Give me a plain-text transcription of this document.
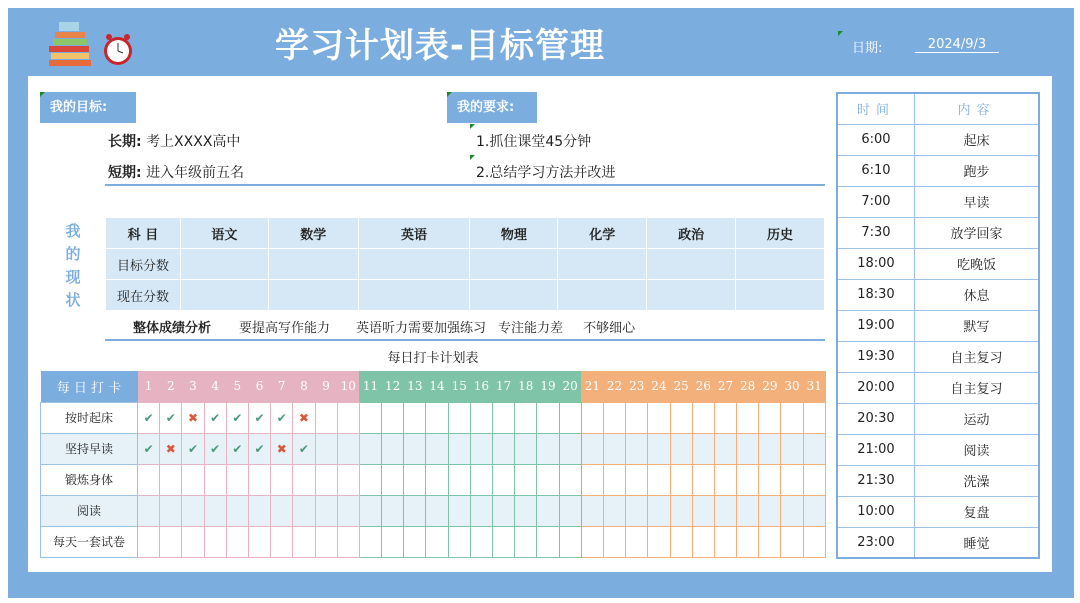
学习计划表-目标管理	日期:	2024/9/3
我的目标:
长期: 考上XXXX高中
短期: 进入年级前五名
我的要求:
1.抓住课堂45分钟
2.总结学习方法并改进
我的现状
科 目	语文	数学	英语	物理	化学	政治	历史
目标分数							
现在分数							
整体成绩分析 要提高写作能力 英语听力需要加强练习 专注能力差 不够细心
每日打卡计划表
每 日 打 卡	1	2	3	4	5	6	7	8	9	10	11	12	13	14	15	16	17	18	19	20	21	22	23	24	25	26	27	28	29	30	31
按时起床	✔	✔	✖	✔	✔	✔	✔	✖																							
坚持早读	✔	✖	✔	✔	✔	✔	✖	✔																							
锻炼身体																															
阅读																															
每天一套试卷																															
时间	内容
6:00	起床
6:10	跑步
7:00	早读
7:30	放学回家
18:00	吃晚饭
18:30	休息
19:00	默写
19:30	自主复习
20:00	自主复习
20:30	运动
21:00	阅读
21:30	洗澡
10:00	复盘
23:00	睡觉
